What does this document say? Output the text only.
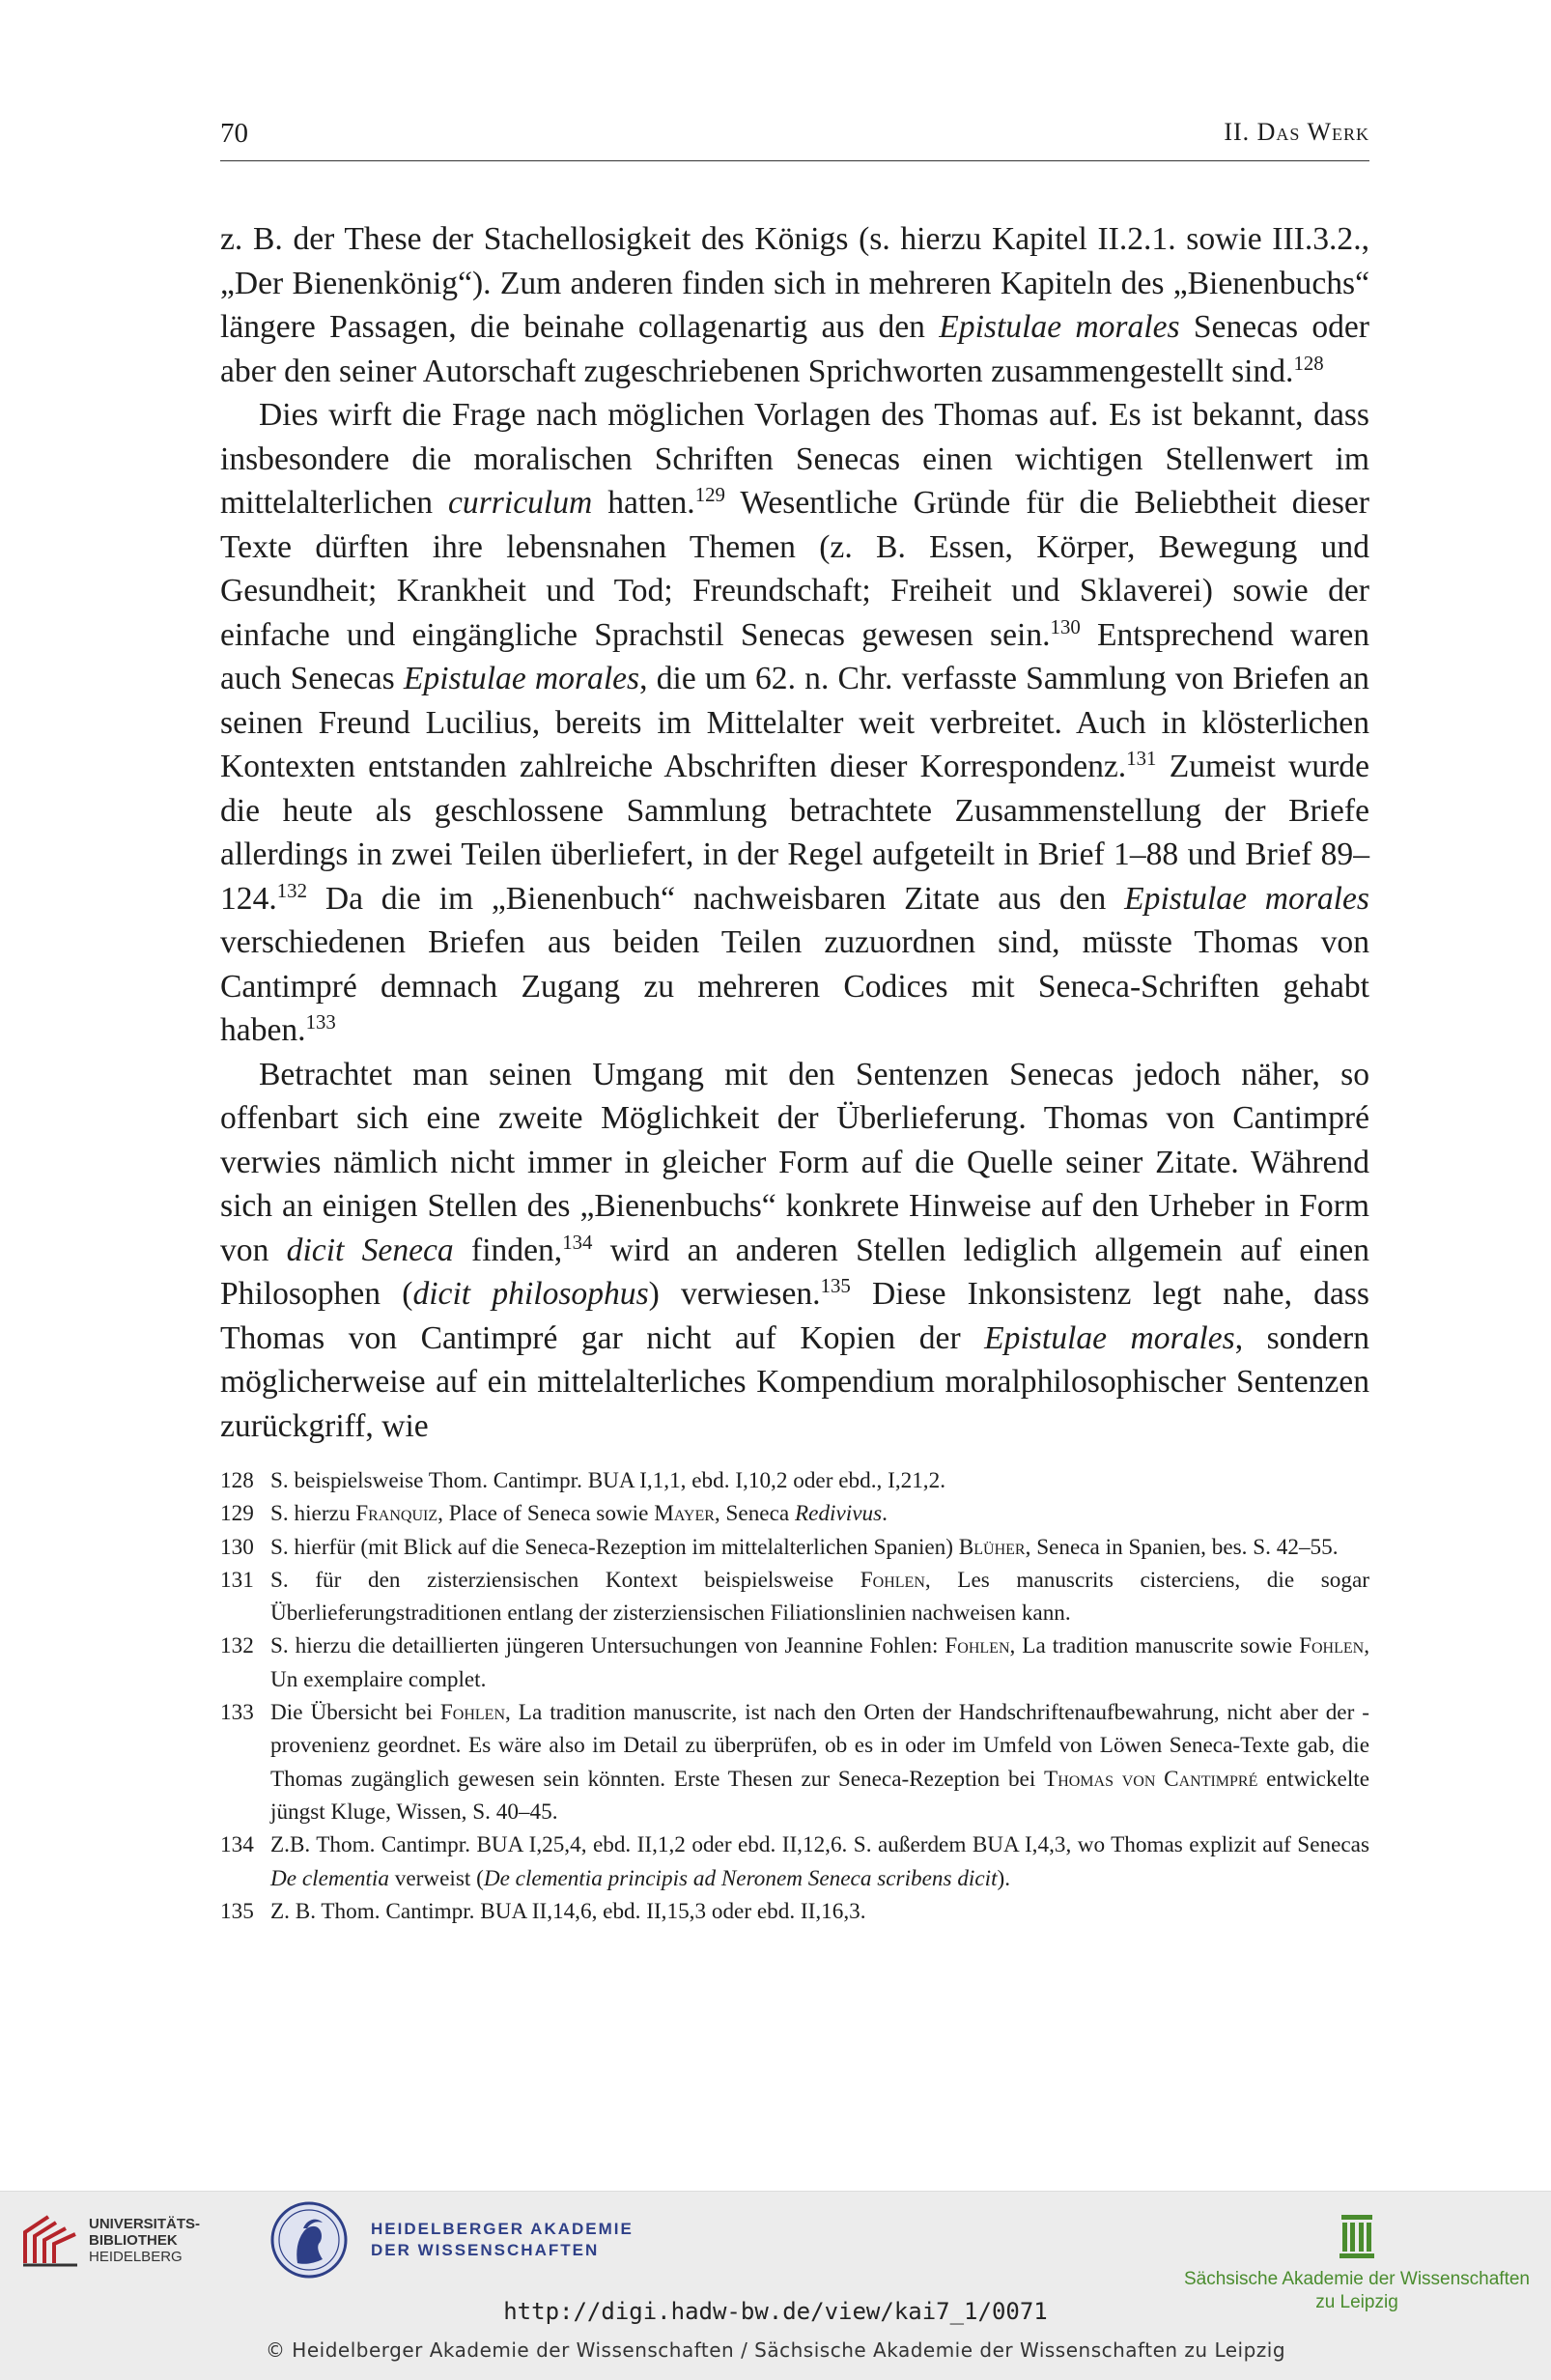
70	II. Das Werk

z. B. der These der Stachellosigkeit des Königs (s. hierzu Kapitel II.2.1. sowie III.3.2., „Der Bienenkönig“). Zum anderen finden sich in mehreren Kapiteln des „Bienenbuchs“ längere Passagen, die beinahe collagenartig aus den Epistulae morales Senecas oder aber den seiner Autorschaft zugeschriebenen Sprichworten zusammengestellt sind.$^{128}$

Dies wirft die Frage nach möglichen Vorlagen des Thomas auf. Es ist bekannt, dass insbesondere die moralischen Schriften Senecas einen wichtigen Stellenwert im mittelalterlichen curriculum hatten.$^{129}$ Wesentliche Gründe für die Beliebtheit dieser Texte dürften ihre lebensnahen Themen (z. B. Essen, Körper, Bewegung und Gesundheit; Krankheit und Tod; Freundschaft; Freiheit und Sklaverei) sowie der einfache und eingängliche Sprachstil Senecas gewesen sein.$^{130}$ Entsprechend waren auch Senecas Epistulae morales, die um 62. n. Chr. verfasste Sammlung von Briefen an seinen Freund Lucilius, bereits im Mittelalter weit verbreitet. Auch in klösterlichen Kontexten entstanden zahlreiche Abschriften dieser Korrespondenz.$^{131}$ Zumeist wurde die heute als geschlossene Sammlung betrachtete Zusammenstellung der Briefe allerdings in zwei Teilen überliefert, in der Regel aufgeteilt in Brief 1–88 und Brief 89–124.$^{132}$ Da die im „Bienenbuch“ nachweisbaren Zitate aus den Epistulae morales verschiedenen Briefen aus beiden Teilen zuzuordnen sind, müsste Thomas von Cantimpré demnach Zugang zu mehreren Codices mit Seneca-Schriften gehabt haben.$^{133}$

Betrachtet man seinen Umgang mit den Sentenzen Senecas jedoch näher, so offenbart sich eine zweite Möglichkeit der Überlieferung. Thomas von Cantimpré verwies nämlich nicht immer in gleicher Form auf die Quelle seiner Zitate. Während sich an einigen Stellen des „Bienenbuchs“ konkrete Hinweise auf den Urheber in Form von dicit Seneca finden,$^{134}$ wird an anderen Stellen lediglich allgemein auf einen Philosophen (dicit philosophus) verwiesen.$^{135}$ Diese Inkonsistenz legt nahe, dass Thomas von Cantimpré gar nicht auf Kopien der Epistulae morales, sondern möglicherweise auf ein mittelalterliches Kompendium moralphilosophischer Sentenzen zurückgriff, wie

128 S. beispielsweise Thom. Cantimpr. BUA I,1,1, ebd. I,10,2 oder ebd., I,21,2.
129 S. hierzu Franquiz, Place of Seneca sowie Mayer, Seneca Redivivus.
130 S. hierfür (mit Blick auf die Seneca-Rezeption im mittelalterlichen Spanien) Blüher, Seneca in Spanien, bes. S. 42–55.
131 S. für den zisterziensischen Kontext beispielsweise Fohlen, Les manuscrits cisterciens, die sogar Überlieferungstraditionen entlang der zisterziensischen Filiationslinien nachweisen kann.
132 S. hierzu die detaillierten jüngeren Untersuchungen von Jeannine Fohlen: Fohlen, La tradition manuscrite sowie Fohlen, Un exemplaire complet.
133 Die Übersicht bei Fohlen, La tradition manuscrite, ist nach den Orten der Handschriftenaufbewahrung, nicht aber der -provenienz geordnet. Es wäre also im Detail zu überprüfen, ob es in oder im Umfeld von Löwen Seneca-Texte gab, die Thomas zugänglich gewesen sein könnten. Erste Thesen zur Seneca-Rezeption bei Thomas von Cantimpré entwickelte jüngst Kluge, Wissen, S. 40–45.
134 Z.B. Thom. Cantimpr. BUA I,25,4, ebd. II,1,2 oder ebd. II,12,6. S. außerdem BUA I,4,3, wo Thomas explizit auf Senecas De clementia verweist (De clementia principis ad Neronem Seneca scribens dicit).
135 Z. B. Thom. Cantimpr. BUA II,14,6, ebd. II,15,3 oder ebd. II,16,3.
UNIVERSITÄTS-
BIBLIOTHEK
HEIDELBERG
HEIDELBERGER AKADEMIE
DER WISSENSCHAFTEN
Sächsische Akademie der Wissenschaften
zu Leipzig
http://digi.hadw-bw.de/view/kai7_1/0071
© Heidelberger Akademie der Wissenschaften / Sächsische Akademie der Wissenschaften zu Leipzig
